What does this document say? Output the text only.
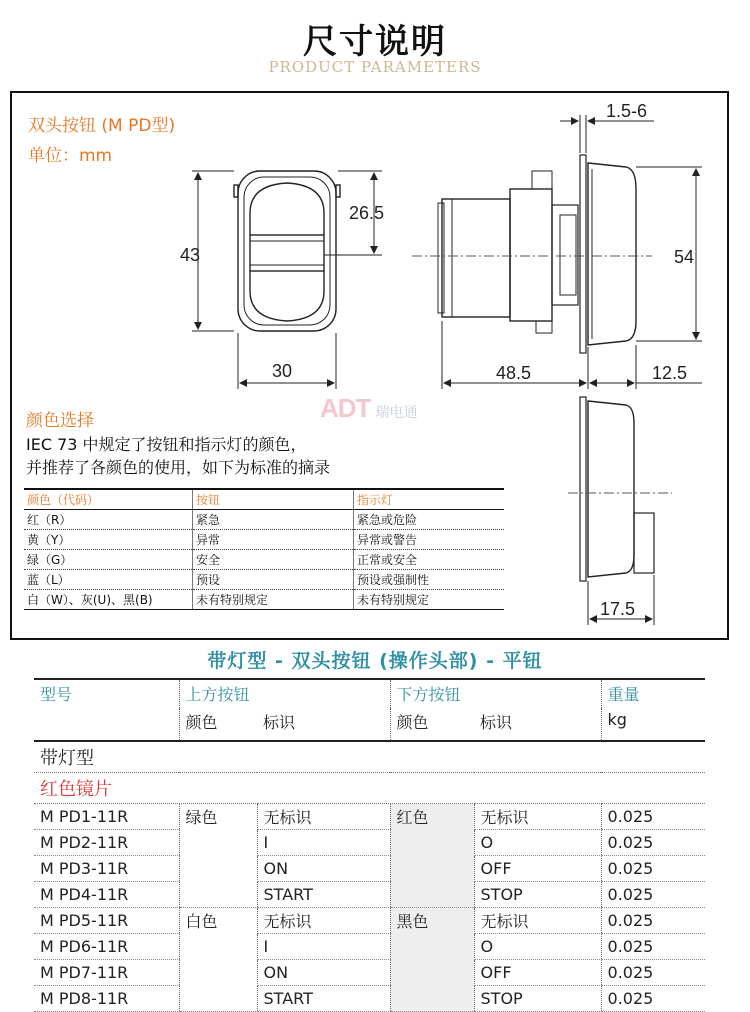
尺寸说明
PRODUCT PARAMETERS
双头按钮 (M PD型)
单位：mm
43
26.5
30
1.5-6
54
48.5	12.5
17.5
ADT 瑞电通
颜色选择
IEC 73 中规定了按钮和指示灯的颜色，
并推荐了各颜色的使用，如下为标准的摘录
颜色（代码）	按钮	指示灯
红（R）	紧急	紧急或危险
黄（Y）	异常	异常或警告
绿（G）	安全	正常或安全
蓝（L）	预设	预设或强制性
白（W）、灰(U)、黑(B)	未有特别规定	未有特别规定
带灯型 - 双头按钮 (操作头部) - 平钮
型号	上方按钮		下方按钮		重量
	颜色	标识	颜色	标识	kg
带灯型					
红色镜片					
M PD1-11R	绿色	无标识	红色	无标识	0.025
M PD2-11R		I		O	0.025
M PD3-11R		ON		OFF	0.025
M PD4-11R		START		STOP	0.025
M PD5-11R	白色	无标识	黑色	无标识	0.025
M PD6-11R		I		O	0.025
M PD7-11R		ON		OFF	0.025
M PD8-11R		START		STOP	0.025
